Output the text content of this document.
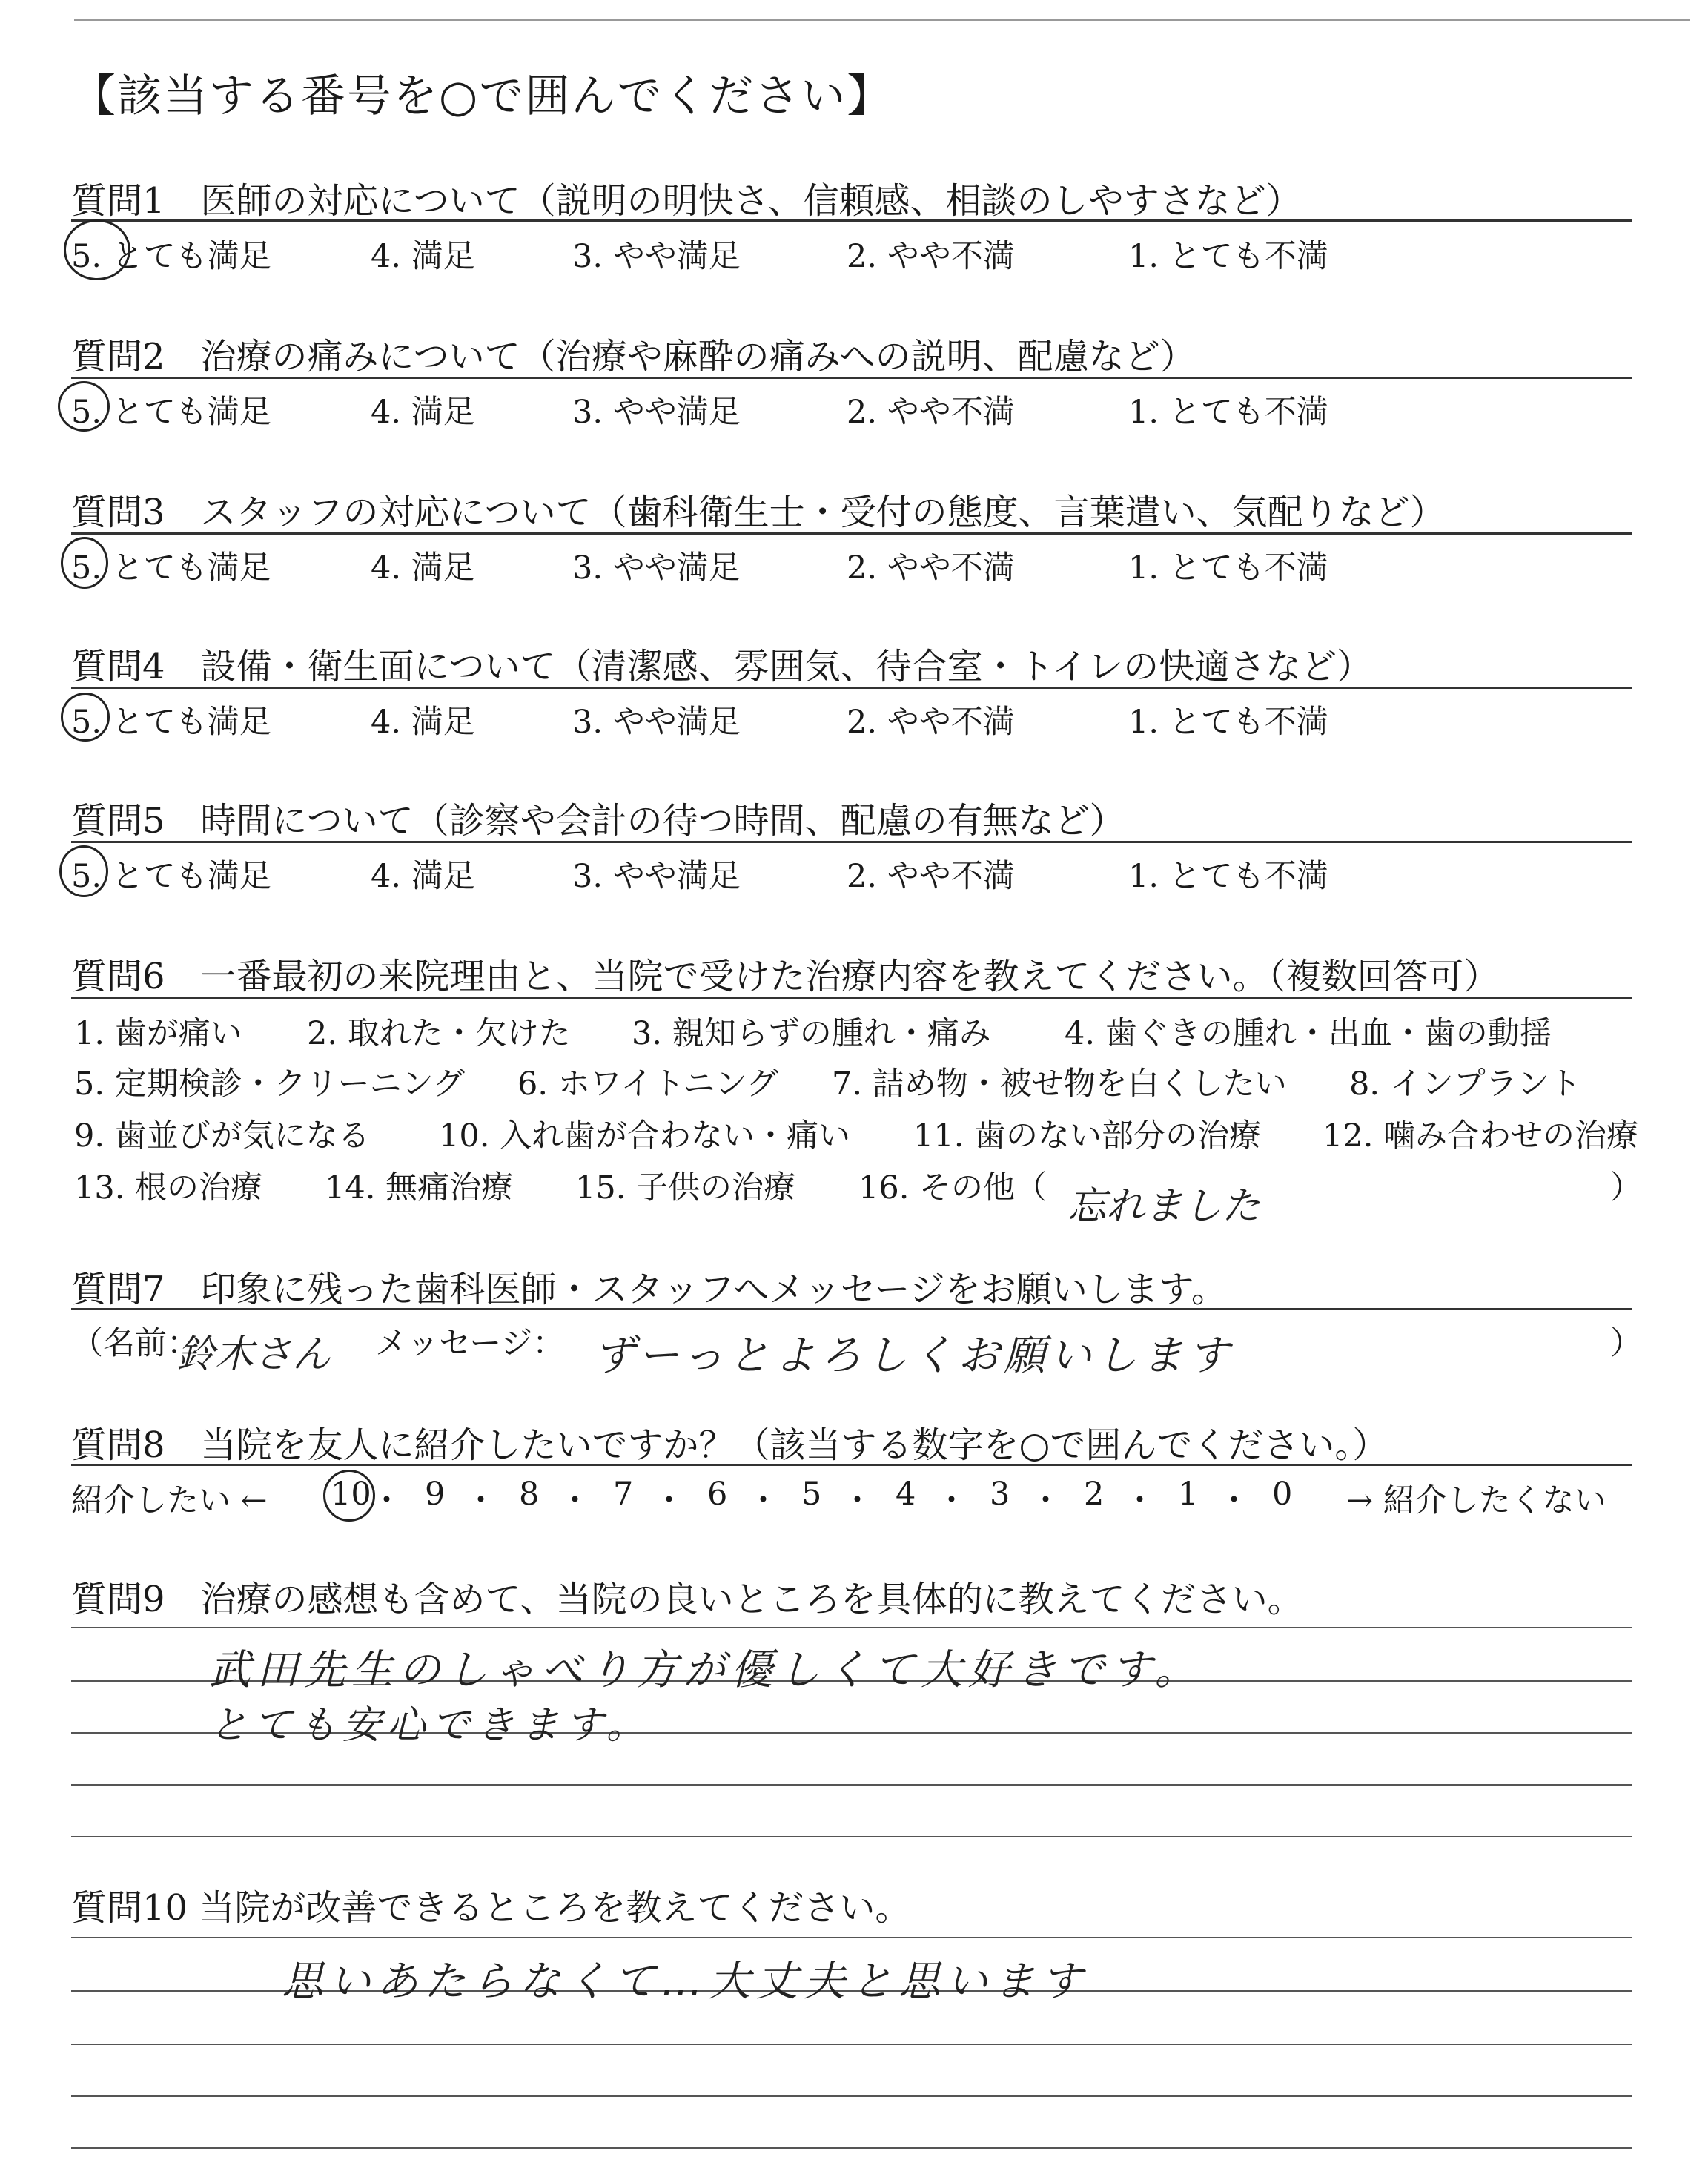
【該当する番号を○で囲んでください】
質問1　医師の対応について（説明の明快さ、信頼感、相談のしやすさなど）
5. とても満足	4. 満足	3. やや満足	2. やや不満	1. とても不満
質問2　治療の痛みについて（治療や麻酔の痛みへの説明、配慮など）
5. とても満足	4. 満足	3. やや満足	2. やや不満	1. とても不満
質問3　スタッフの対応について（歯科衛生士・受付の態度、言葉遣い、気配りなど）
5. とても満足	4. 満足	3. やや満足	2. やや不満	1. とても不満
質問4　設備・衛生面について（清潔感、雰囲気、待合室・トイレの快適さなど）
5. とても満足	4. 満足	3. やや満足	2. やや不満	1. とても不満
質問5　時間について（診察や会計の待つ時間、配慮の有無など）
5. とても満足	4. 満足	3. やや満足	2. やや不満	1. とても不満
質問6　一番最初の来院理由と、当院で受けた治療内容を教えてください。（複数回答可）
1. 歯が痛い 2. 取れた・欠けた 3. 親知らずの腫れ・痛み 4. 歯ぐきの腫れ・出血・歯の動揺
5. 定期検診・クリーニング 6. ホワイトニング 7. 詰め物・被せ物を白くしたい 8. インプラント
9. 歯並びが気になる 10. 入れ歯が合わない・痛い 11. 歯のない部分の治療 12. 噛み合わせの治療
13. 根の治療 14. 無痛治療 15. 子供の治療 16. その他（ 忘れました	）
質問7　印象に残った歯科医師・スタッフへメッセージをお願いします。
（名前：
鈴木さん メッセージ： ずーっとよろしくお願いします	）
質問8　当院を友人に紹介したいですか？（該当する数字を○で囲んでください。）
紹介したい ← 10 ・ 9 ・ 8 ・ 7 ・ 6 ・ 5 ・ 4 ・ 3 ・ 2 ・ 1 ・ 0 → 紹介したくない
質問9　治療の感想も含めて、当院の良いところを具体的に教えてください。
武田先生のしゃべり方が優しくて大好きです。
とても安心できます。
質問10 当院が改善できるところを教えてください。
思いあたらなくて…大丈夫と思います
